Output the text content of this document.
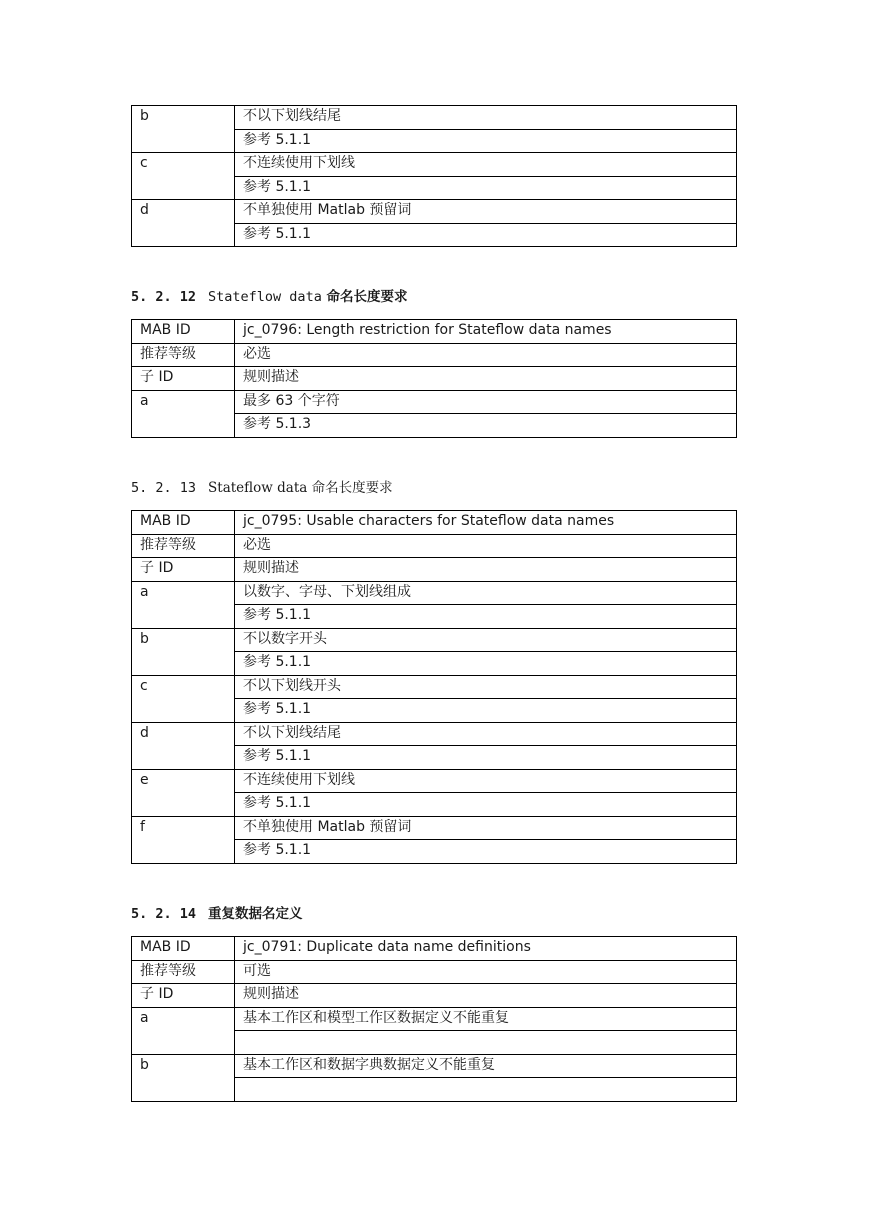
b	不以下划线结尾
	参考 5.1.1
c	不连续使用下划线
	参考 5.1.1
d	不单独使用 Matlab 预留词
	参考 5.1.1
5. 2. 12 Stateflow data 命名长度要求
MAB ID	jc_0796: Length restriction for Stateflow data names
推荐等级	必选
子 ID	规则描述
a	最多 63 个字符
	参考 5.1.3
5. 2. 13 Stateflow data 命名长度要求
MAB ID	jc_0795: Usable characters for Stateflow data names
推荐等级	必选
子 ID	规则描述
a	以数字、字母、下划线组成
	参考 5.1.1
b	不以数字开头
	参考 5.1.1
c	不以下划线开头
	参考 5.1.1
d	不以下划线结尾
	参考 5.1.1
e	不连续使用下划线
	参考 5.1.1
f	不单独使用 Matlab 预留词
	参考 5.1.1
5. 2. 14 重复数据名定义
MAB ID	jc_0791: Duplicate data name definitions
推荐等级	可选
子 ID	规则描述
a	基本工作区和模型工作区数据定义不能重复

b	基本工作区和数据字典数据定义不能重复
